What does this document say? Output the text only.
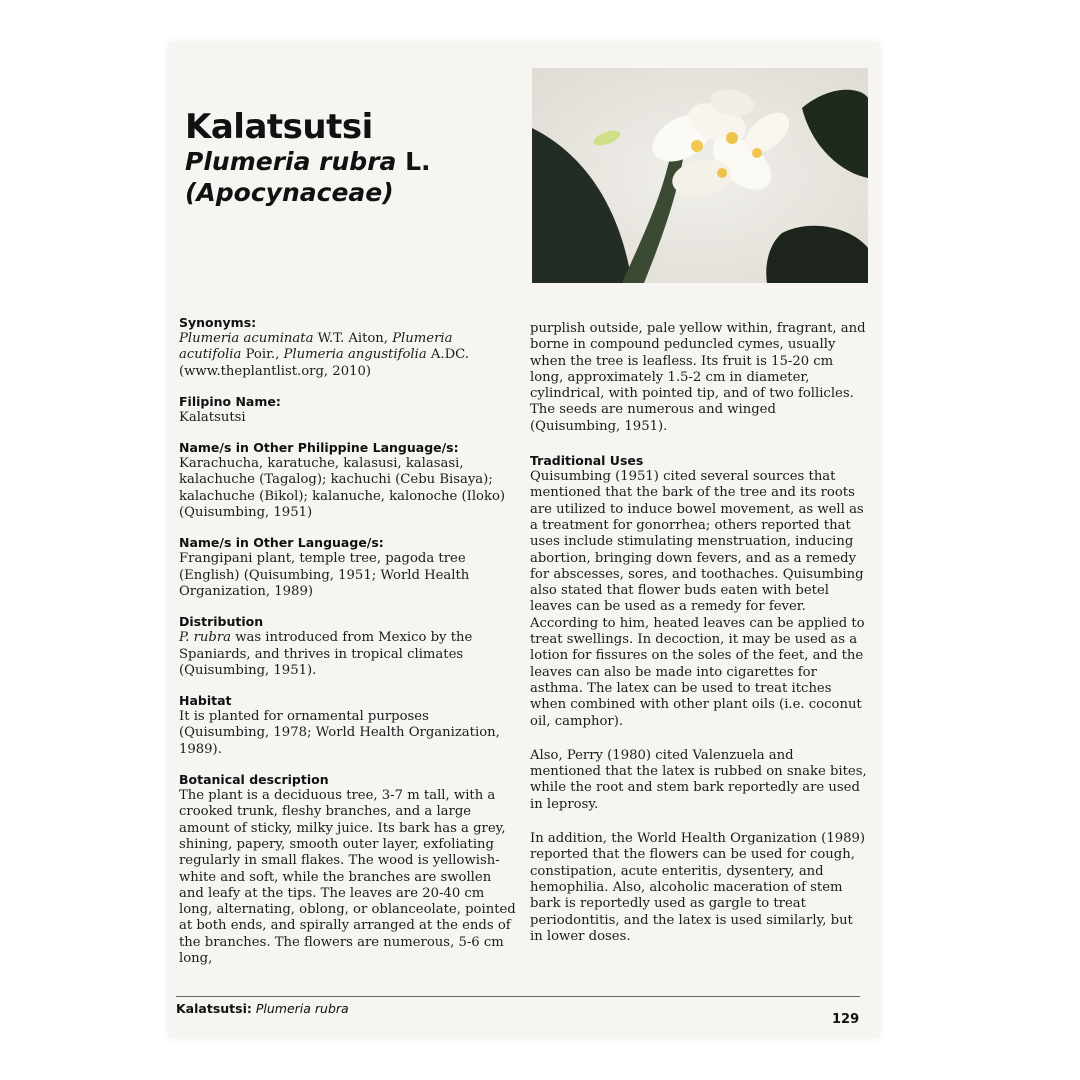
Kalatsutsi
Plumeria rubra L.
(Apocynaceae)
Synonyms:

Plumeria acuminata W.T. Aiton, Plumeria acutifolia Poir., Plumeria angustifolia A.DC.
(www.theplantlist.org, 2010)

Filipino Name:

Kalatsutsi

Name/s in Other Philippine Language/s:

Karachucha, karatuche, kalasusi, kalasasi, kalachuche (Tagalog); kachuchi (Cebu Bisaya); kalachuche (Bikol); kalanuche, kalonoche (Iloko) (Quisumbing, 1951)

Name/s in Other Language/s:

Frangipani plant, temple tree, pagoda tree (English) (Quisumbing, 1951; World Health Organization, 1989)

Distribution

P. rubra was introduced from Mexico by the Spaniards, and thrives in tropical climates (Quisumbing, 1951).

Habitat

It is planted for ornamental purposes (Quisumbing, 1978; World Health Organization, 1989).

Botanical description

The plant is a deciduous tree, 3-7 m tall, with a crooked trunk, fleshy branches, and a large amount of sticky, milky juice. Its bark has a grey, shining, papery, smooth outer layer, exfoliating regularly in small flakes. The wood is yellowish-white and soft, while the branches are swollen and leafy at the tips. The leaves are 20-40 cm long, alternating, oblong, or oblanceolate, pointed at both ends, and spirally arranged at the ends of the branches. The flowers are numerous, 5-6 cm long,

purplish outside, pale yellow within, fragrant, and borne in compound peduncled cymes, usually when the tree is leafless. Its fruit is 15-20 cm long, approximately 1.5-2 cm in diameter, cylindrical, with pointed tip, and of two follicles. The seeds are numerous and winged (Quisumbing, 1951).

Traditional Uses

Quisumbing (1951) cited several sources that mentioned that the bark of the tree and its roots are utilized to induce bowel movement, as well as a treatment for gonorrhea; others reported that uses include stimulating menstruation, inducing abortion, bringing down fevers, and as a remedy for abscesses, sores, and toothaches. Quisumbing also stated that flower buds eaten with betel leaves can be used as a remedy for fever. According to him, heated leaves can be applied to treat swellings. In decoction, it may be used as a lotion for fissures on the soles of the feet, and the leaves can also be made into cigarettes for asthma. The latex can be used to treat itches when combined with other plant oils (i.e. coconut oil, camphor).

Also, Perry (1980) cited Valenzuela and mentioned that the latex is rubbed on snake bites, while the root and stem bark reportedly are used in leprosy.

In addition, the World Health Organization (1989) reported that the flowers can be used for cough, constipation, acute enteritis, dysentery, and hemophilia. Also, alcoholic maceration of stem bark is reportedly used as gargle to treat periodontitis, and the latex is used similarly, but in lower doses.

Kalatsutsi: Plumeria rubra
129
